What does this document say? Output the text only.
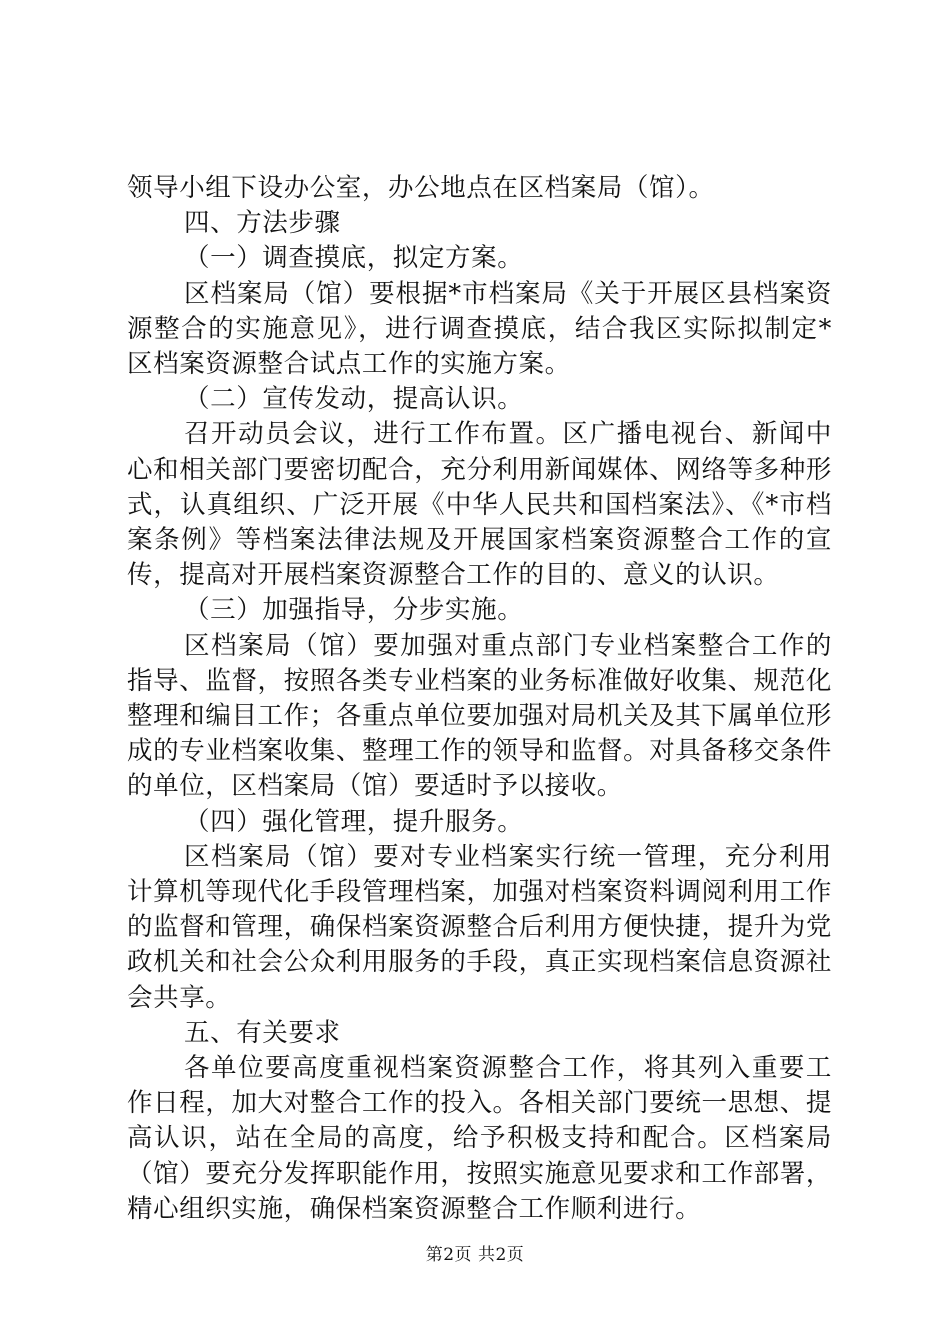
领导小组下设办公室，办公地点在区档案局（馆）。

四、方法步骤

（一）调查摸底，拟定方案。

区档案局（馆）要根据*市档案局《关于开展区县档案资源整合的实施意见》，进行调查摸底，结合我区实际拟制定*区档案资源整合试点工作的实施方案。

（二）宣传发动，提高认识。

召开动员会议，进行工作布置。区广播电视台、新闻中心和相关部门要密切配合，充分利用新闻媒体、网络等多种形式，认真组织、广泛开展《中华人民共和国档案法》、《*市档案条例》等档案法律法规及开展国家档案资源整合工作的宣传，提高对开展档案资源整合工作的目的、意义的认识。

（三）加强指导，分步实施。

区档案局（馆）要加强对重点部门专业档案整合工作的指导、监督，按照各类专业档案的业务标准做好收集、规范化整理和编目工作；各重点单位要加强对局机关及其下属单位形成的专业档案收集、整理工作的领导和监督。对具备移交条件的单位，区档案局（馆）要适时予以接收。

（四）强化管理，提升服务。

区档案局（馆）要对专业档案实行统一管理，充分利用计算机等现代化手段管理档案，加强对档案资料调阅利用工作的监督和管理，确保档案资源整合后利用方便快捷，提升为党政机关和社会公众利用服务的手段，真正实现档案信息资源社会共享。

五、有关要求

各单位要高度重视档案资源整合工作，将其列入重要工作日程，加大对整合工作的投入。各相关部门要统一思想、提高认识，站在全局的高度，给予积极支持和配合。区档案局（馆）要充分发挥职能作用，按照实施意见要求和工作部署，精心组织实施，确保档案资源整合工作顺利进行。

第2页 共2页
